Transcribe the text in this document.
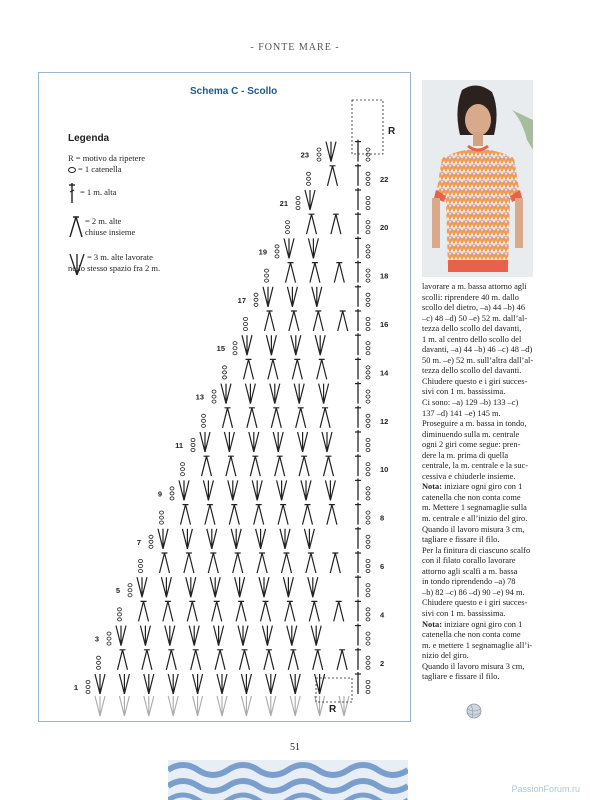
- FONTE MARE -
1
3
5
7
9
11
13
15
17
19
21
23
2
4
6
8
10
12
14
16
18
20
22
R
R
Schema C - Scollo
Legenda
R = motivo da ripetere
= 1 catenella
= 1 m. alta
= 2 m. alte
chiuse insieme
= 3 m. alte lavorate
nello stesso spazio fra 2 m.

lavorare a m. bassa attorno agli

scolli: riprendere 40 m. dallo

scollo del dietro, –a) 44 –b) 46

–c) 48 –d) 50 –e) 52 m. dall’al-

tezza dello scollo del davanti,

1 m. al centro dello scollo del

davanti, –a) 44 –b) 46 –c) 48 –d)

50 m. –e) 52 m. sull’altra dall’al-

tezza dello scollo del davanti.

Chiudere questo e i giri succes-

sivi con 1 m. bassissima.

Ci sono: –a) 129 –b) 133 –c)

137 –d) 141 –e) 145 m.

Proseguire a m. bassa in tondo,

diminuendo sulla m. centrale

ogni 2 giri come segue: pren-

dere la m. prima di quella

centrale, la m. centrale e la suc-

cessiva e chiuderle insieme.

Nota: iniziare ogni giro con 1

catenella che non conta come

m. Mettere 1 segnamaglie sulla

m. centrale e all’inizio del giro.

Quando il lavoro misura 3 cm,

tagliare e fissare il filo.

Per la finitura di ciascuno scalfo

con il filato corallo lavorare

attorno agli scalfi a m. bassa

in tondo riprendendo –a) 78

–b) 82 –c) 86 –d) 90 –e) 94 m.

Chiudere questo e i giri succes-

sivi con 1 m. bassissima.

Nota: iniziare ogni giro con 1

catenella che non conta come

m. e mettere 1 segnamaglie all’i-

nizio del giro.

Quando il lavoro misura 3 cm,

tagliare e fissare il filo.

51
PassionForum.ru
